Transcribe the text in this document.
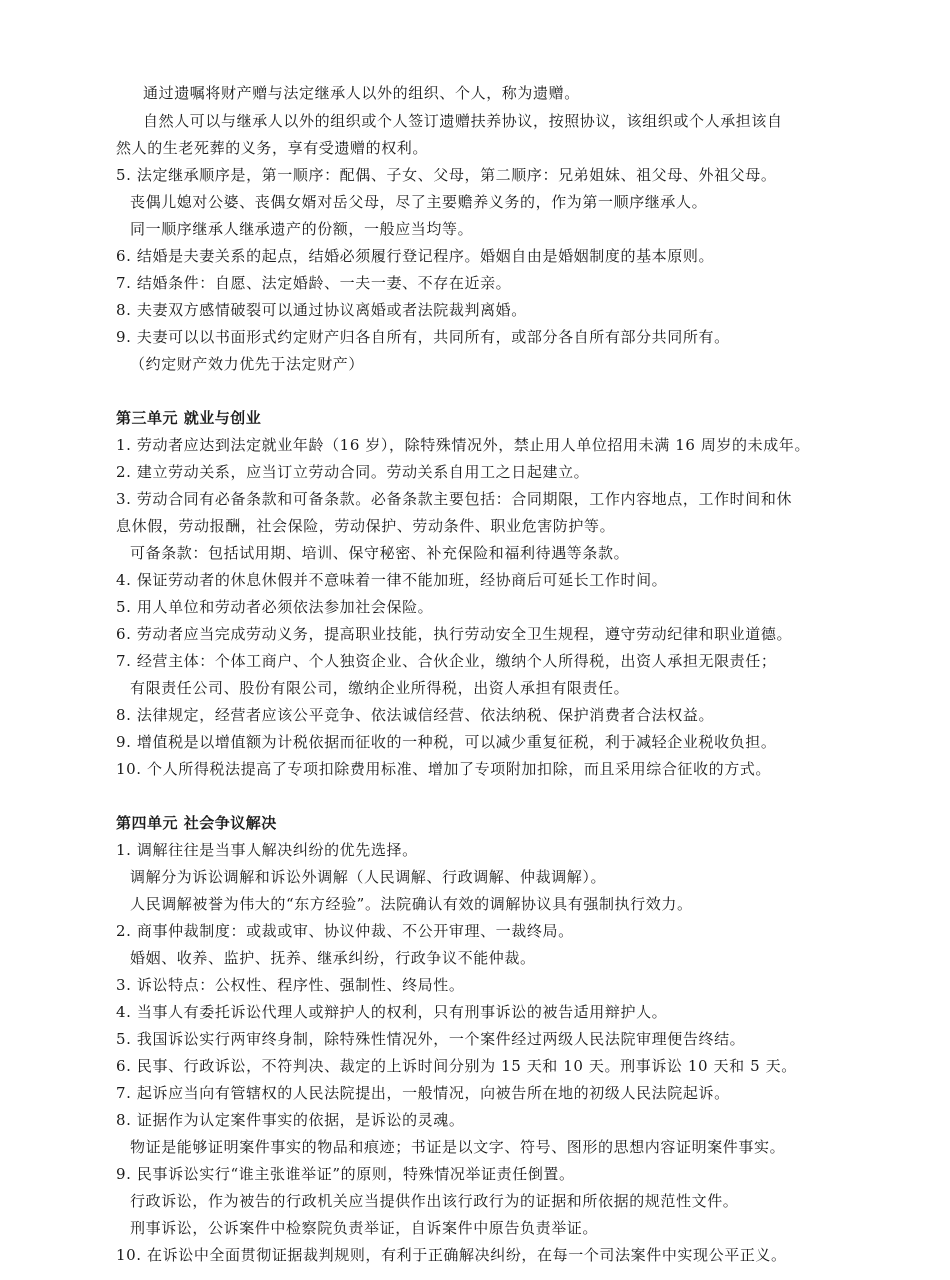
通过遗嘱将财产赠与法定继承人以外的组织、个人，称为遗赠。
自然人可以与继承人以外的组织或个人签订遗赠扶养协议，按照协议，该组织或个人承担该自
然人的生老死葬的义务，享有受遗赠的权利。
5. 法定继承顺序是，第一顺序：配偶、子女、父母，第二顺序：兄弟姐妹、祖父母、外祖父母。
丧偶儿媳对公婆、丧偶女婿对岳父母，尽了主要赡养义务的，作为第一顺序继承人。
同一顺序继承人继承遗产的份额，一般应当均等。
6. 结婚是夫妻关系的起点，结婚必须履行登记程序。婚姻自由是婚姻制度的基本原则。
7. 结婚条件：自愿、法定婚龄、一夫一妻、不存在近亲。
8. 夫妻双方感情破裂可以通过协议离婚或者法院裁判离婚。
9. 夫妻可以以书面形式约定财产归各自所有，共同所有，或部分各自所有部分共同所有。
（约定财产效力优先于法定财产）
第三单元 就业与创业
1. 劳动者应达到法定就业年龄（16 岁），除特殊情况外，禁止用人单位招用未满 16 周岁的未成年。
2. 建立劳动关系，应当订立劳动合同。劳动关系自用工之日起建立。
3. 劳动合同有必备条款和可备条款。必备条款主要包括：合同期限，工作内容地点，工作时间和休
息休假，劳动报酬，社会保险，劳动保护、劳动条件、职业危害防护等。
可备条款：包括试用期、培训、保守秘密、补充保险和福利待遇等条款。
4. 保证劳动者的休息休假并不意味着一律不能加班，经协商后可延长工作时间。
5. 用人单位和劳动者必须依法参加社会保险。
6. 劳动者应当完成劳动义务，提高职业技能，执行劳动安全卫生规程，遵守劳动纪律和职业道德。
7. 经营主体：个体工商户、个人独资企业、合伙企业，缴纳个人所得税，出资人承担无限责任；
有限责任公司、股份有限公司，缴纳企业所得税，出资人承担有限责任。
8. 法律规定，经营者应该公平竞争、依法诚信经营、依法纳税、保护消费者合法权益。
9. 增值税是以增值额为计税依据而征收的一种税，可以减少重复征税，利于减轻企业税收负担。
10. 个人所得税法提高了专项扣除费用标准、增加了专项附加扣除，而且采用综合征收的方式。
第四单元 社会争议解决
1. 调解往往是当事人解决纠纷的优先选择。
调解分为诉讼调解和诉讼外调解（人民调解、行政调解、仲裁调解）。
人民调解被誉为伟大的“东方经验”。法院确认有效的调解协议具有强制执行效力。
2. 商事仲裁制度：或裁或审、协议仲裁、不公开审理、一裁终局。
婚姻、收养、监护、抚养、继承纠纷，行政争议不能仲裁。
3. 诉讼特点：公权性、程序性、强制性、终局性。
4. 当事人有委托诉讼代理人或辩护人的权利，只有刑事诉讼的被告适用辩护人。
5. 我国诉讼实行两审终身制，除特殊性情况外，一个案件经过两级人民法院审理便告终结。
6. 民事、行政诉讼，不符判决、裁定的上诉时间分别为 15 天和 10 天。刑事诉讼 10 天和 5 天。
7. 起诉应当向有管辖权的人民法院提出，一般情况，向被告所在地的初级人民法院起诉。
8. 证据作为认定案件事实的依据，是诉讼的灵魂。
物证是能够证明案件事实的物品和痕迹；书证是以文字、符号、图形的思想内容证明案件事实。
9. 民事诉讼实行“谁主张谁举证”的原则，特殊情况举证责任倒置。
行政诉讼，作为被告的行政机关应当提供作出该行政行为的证据和所依据的规范性文件。
刑事诉讼，公诉案件中检察院负责举证，自诉案件中原告负责举证。
10. 在诉讼中全面贯彻证据裁判规则，有利于正确解决纠纷，在每一个司法案件中实现公平正义。
